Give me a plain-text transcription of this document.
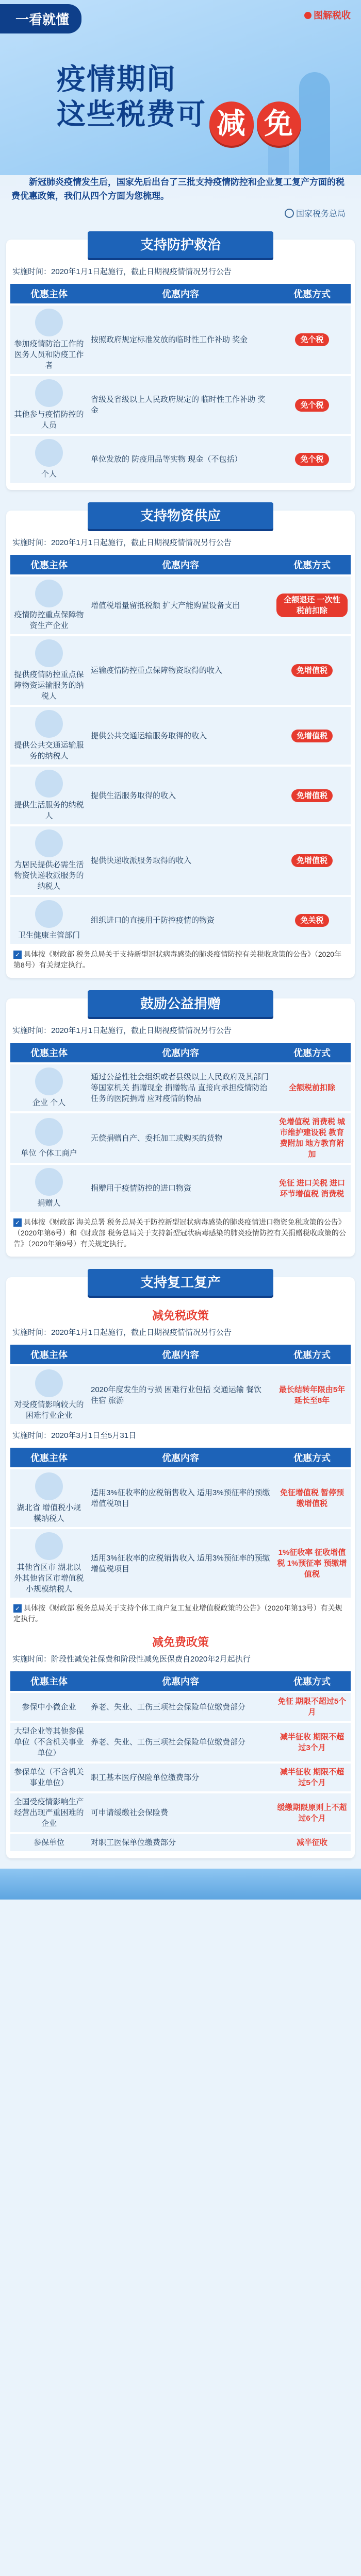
一看就懂	图解税收
疫情期间
这些税费可 减 免

新冠肺炎疫情发生后，国家先后出台了三批支持疫情防控和企业复工复产方面的税费优惠政策，我们从四个方面为您梳理。

国家税务总局
支持防护救治
实施时间：2020年1月1日起施行，截止日期视疫情情况另行公告
优惠主体	优惠内容	优惠方式

参加疫情防治工作的医务人员和防疫工作者	按照政府规定标准发放的临时性工作补助 奖金	免个税

其他参与疫情防控的人员	省级及省级以上人民政府规定的 临时性工作补助 奖金	免个税

个人	单位发放的 防疫用品等实物 现金（不包括）	免个税
支持物资供应
实施时间：2020年1月1日起施行，截止日期视疫情情况另行公告
优惠主体	优惠内容	优惠方式

疫情防控重点保障物资生产企业	增值税增量留抵税额 扩大产能购置设备支出	全额退还 一次性税前扣除

提供疫情防控重点保障物资运输服务的纳税人	运输疫情防控重点保障物资取得的收入	免增值税

提供公共交通运输服务的纳税人	提供公共交通运输服务取得的收入	免增值税

提供生活服务的纳税人	提供生活服务取得的收入	免增值税

为居民提供必需生活物资快递收派服务的纳税人	提供快递收派服务取得的收入	免增值税

卫生健康主管部门	组织进口的直接用于防控疫情的物资	免关税

✓ 具体按《财政部 税务总局关于支持新型冠状病毒感染的肺炎疫情防控有关税收政策的公告》（2020年第8号）有关规定执行。

鼓励公益捐赠
实施时间：2020年1月1日起施行，截止日期视疫情情况另行公告
优惠主体	优惠内容	优惠方式

企业 个人	通过公益性社会组织或者县级以上人民政府及其部门等国家机关 捐赠现金 捐赠物品 直接向承担疫情防治任务的医院捐赠 应对疫情的物品	全额税前扣除

单位 个体工商户	无偿捐赠自产、委托加工或购买的货物	免增值税 消费税 城市维护建设税 教育费附加 地方教育附加

捐赠人	捐赠用于疫情防控的进口物资	免征 进口关税 进口环节增值税 消费税

✓ 具体按《财政部 海关总署 税务总局关于防控新型冠状病毒感染的肺炎疫情进口物资免税政策的公告》（2020年第6号）和《财政部 税务总局关于支持新型冠状病毒感染的肺炎疫情防控有关捐赠税收政策的公告》（2020年第9号）有关规定执行。

支持复工复产
减免税政策
实施时间：2020年1月1日起施行，截止日期视疫情情况另行公告
优惠主体	优惠内容	优惠方式

对受疫情影响较大的困难行业企业	2020年度发生的亏损 困难行业包括 交通运输 餐饮 住宿 旅游	最长结转年限由5年延长至8年
实施时间：2020年3月1日至5月31日
优惠主体	优惠内容	优惠方式

湖北省 增值税小规模纳税人	适用3%征收率的应税销售收入 适用3%预征率的预缴增值税项目	免征增值税 暂停预缴增值税

其他省区市 湖北以外其他省区市增值税小规模纳税人	适用3%征收率的应税销售收入 适用3%预征率的预缴增值税项目	1%征收率 征收增值税 1%预征率 预缴增值税

✓ 具体按《财政部 税务总局关于支持个体工商户复工复业增值税政策的公告》（2020年第13号）有关规定执行。

减免费政策
实施时间：阶段性减免社保费和阶段性减免医保费自2020年2月起执行
优惠主体	优惠内容	优惠方式
参保中小微企业	养老、失业、工伤三项社会保险单位缴费部分	免征 期限不超过5个月
大型企业等其他参保单位（不含机关事业单位）	养老、失业、工伤三项社会保险单位缴费部分	减半征收 期限不超过3个月
参保单位（不含机关事业单位）	职工基本医疗保险单位缴费部分	减半征收 期限不超过5个月
全国受疫情影响生产经营出现严重困难的企业	可申请缓缴社会保险费	缓缴期限原则上不超过6个月
参保单位	对职工医保单位缴费部分	减半征收
